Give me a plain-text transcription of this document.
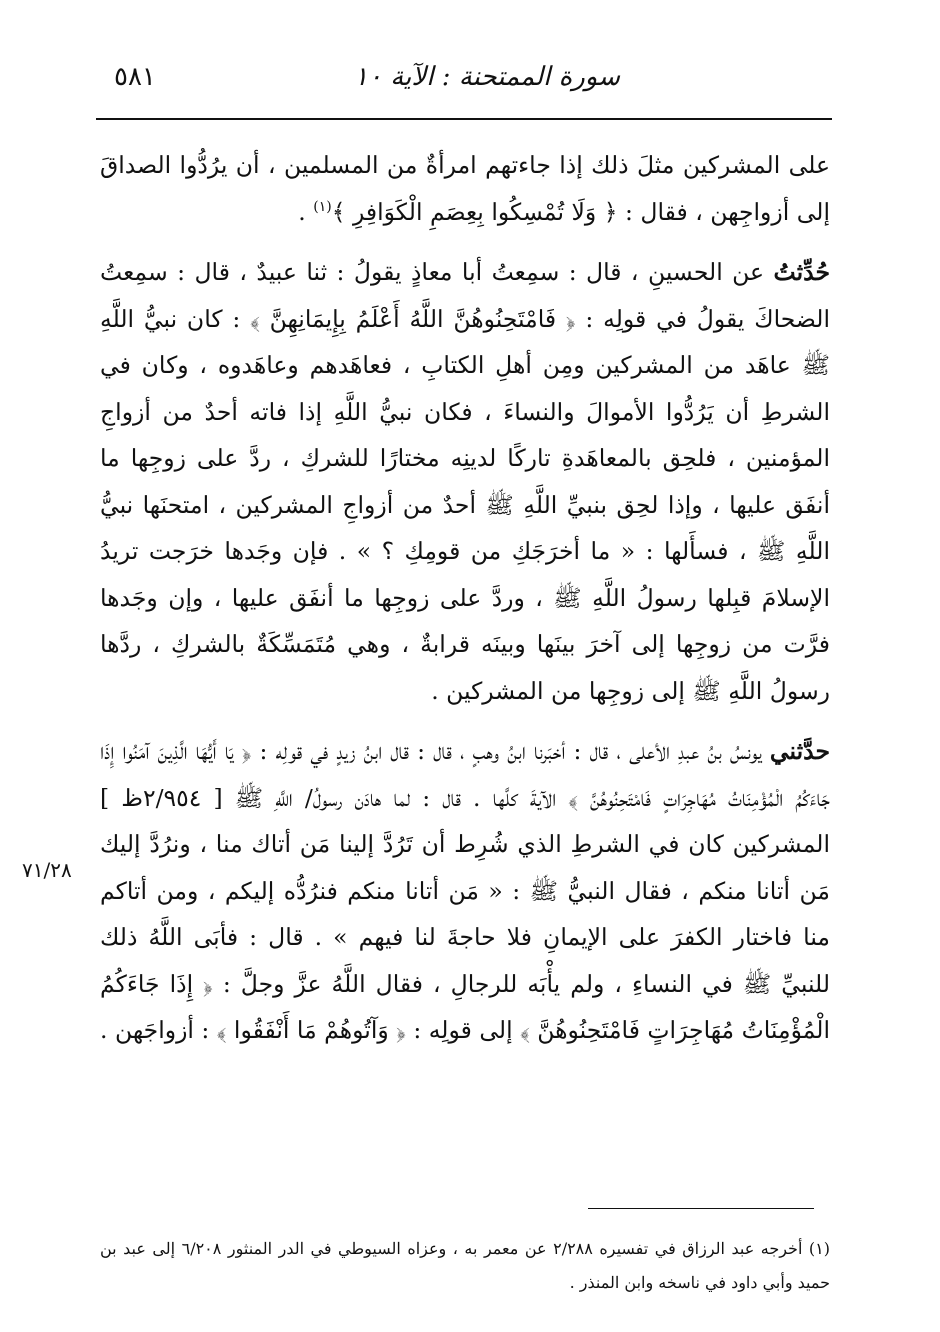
سورة الممتحنة : الآية ١٠
٥٨١
٧١/٢٨

على المشركين مثلَ ذلك إذا جاءتهم امرأةٌ من المسلمين ، أن يرُدُّوا الصداقَ إلى أزواجِهن ، فقال : ﴿ وَلَا تُمْسِكُوا بِعِصَمِ الْكَوَافِرِ ﴾$^{(١)}$ .

حُدِّثتُ عن الحسينِ ، قال : سمِعتُ أبا معاذٍ يقولُ : ثنا عبيدٌ ، قال : سمِعتُ الضحاكَ يقولُ في قولِه : ﴿ فَامْتَحِنُوهُنَّ اللَّهُ أَعْلَمُ بِإِيمَانِهِنَّ ﴾ : كان نبيُّ اللَّهِ ﷺ عاهَد من المشركين ومِن أهلِ الكتابِ ، فعاهَدهم وعاهَدوه ، وكان في الشرطِ أن يَرُدُّوا الأموالَ والنساءَ ، فكان نبيُّ اللَّهِ إذا فاته أحدٌ من أزواجِ المؤمنين ، فلحِق بالمعاهَدةِ تاركًا لدينِه مختارًا للشركِ ، ردَّ على زوجِها ما أنفَق عليها ، وإذا لحِق بنبيِّ اللَّهِ ﷺ أحدٌ من أزواجِ المشركين ، امتحنَها نبيُّ اللَّهِ ﷺ ، فسأَلها : « ما أخرَجَكِ من قومِكِ ؟ » . فإن وجَدها خرَجت تريدُ الإسلامَ قبِلها رسولُ اللَّهِ ﷺ ، وردَّ على زوجِها ما أنفَق عليها ، وإن وجَدها فرَّت من زوجِها إلى آخرَ بينَها وبينَه قرابةٌ ، وهي مُتَمَسِّكَةٌ بالشركِ ، ردَّها رسولُ اللَّهِ ﷺ إلى زوجِها من المشركين .

حدَّثني يونسُ بنُ عبدِ الأعلى ، قال : أخبَرنا ابنُ وهبٍ ، قال : قال ابنُ زيدٍ في قولِه : ﴿ يَا أَيُّهَا الَّذِينَ آمَنُوا إِذَا جَاءَكُمُ الْمُؤْمِنَاتُ مُهَاجِرَاتٍ فَامْتَحِنُوهُنَّ ﴾ الآيةَ كلَّها . قال : لما هادَن رسولُ/ اللَّهِ ﷺ [ ٢/٩٥٤ظ ] المشركين كان في الشرطِ الذي شُرِط أن تَرُدَّ إلينا مَن أتاك منا ، ونرُدَّ إليك مَن أتانا منكم ، فقال النبيُّ ﷺ : « مَن أتانا منكم فنرُدُّه إليكم ، ومن أتاكم منا فاختار الكفرَ على الإيمانِ فلا حاجةَ لنا فيهم » . قال : فأبَى اللَّهُ ذلك للنبيِّ ﷺ في النساءِ ، ولم يأْبَه للرجالِ ، فقال اللَّهُ عزَّ وجلَّ : ﴿ إِذَا جَاءَكُمُ الْمُؤْمِنَاتُ مُهَاجِرَاتٍ فَامْتَحِنُوهُنَّ ﴾ إلى قولِه : ﴿ وَآتُوهُمْ مَا أَنْفَقُوا ﴾ : أزواجَهن .

(١) أخرجه عبد الرزاق في تفسيره ٢/٢٨٨ عن معمر به ، وعزاه السيوطي في الدر المنثور ٦/٢٠٨ إلى عبد بن حميد وأبي داود في ناسخه وابن المنذر .
